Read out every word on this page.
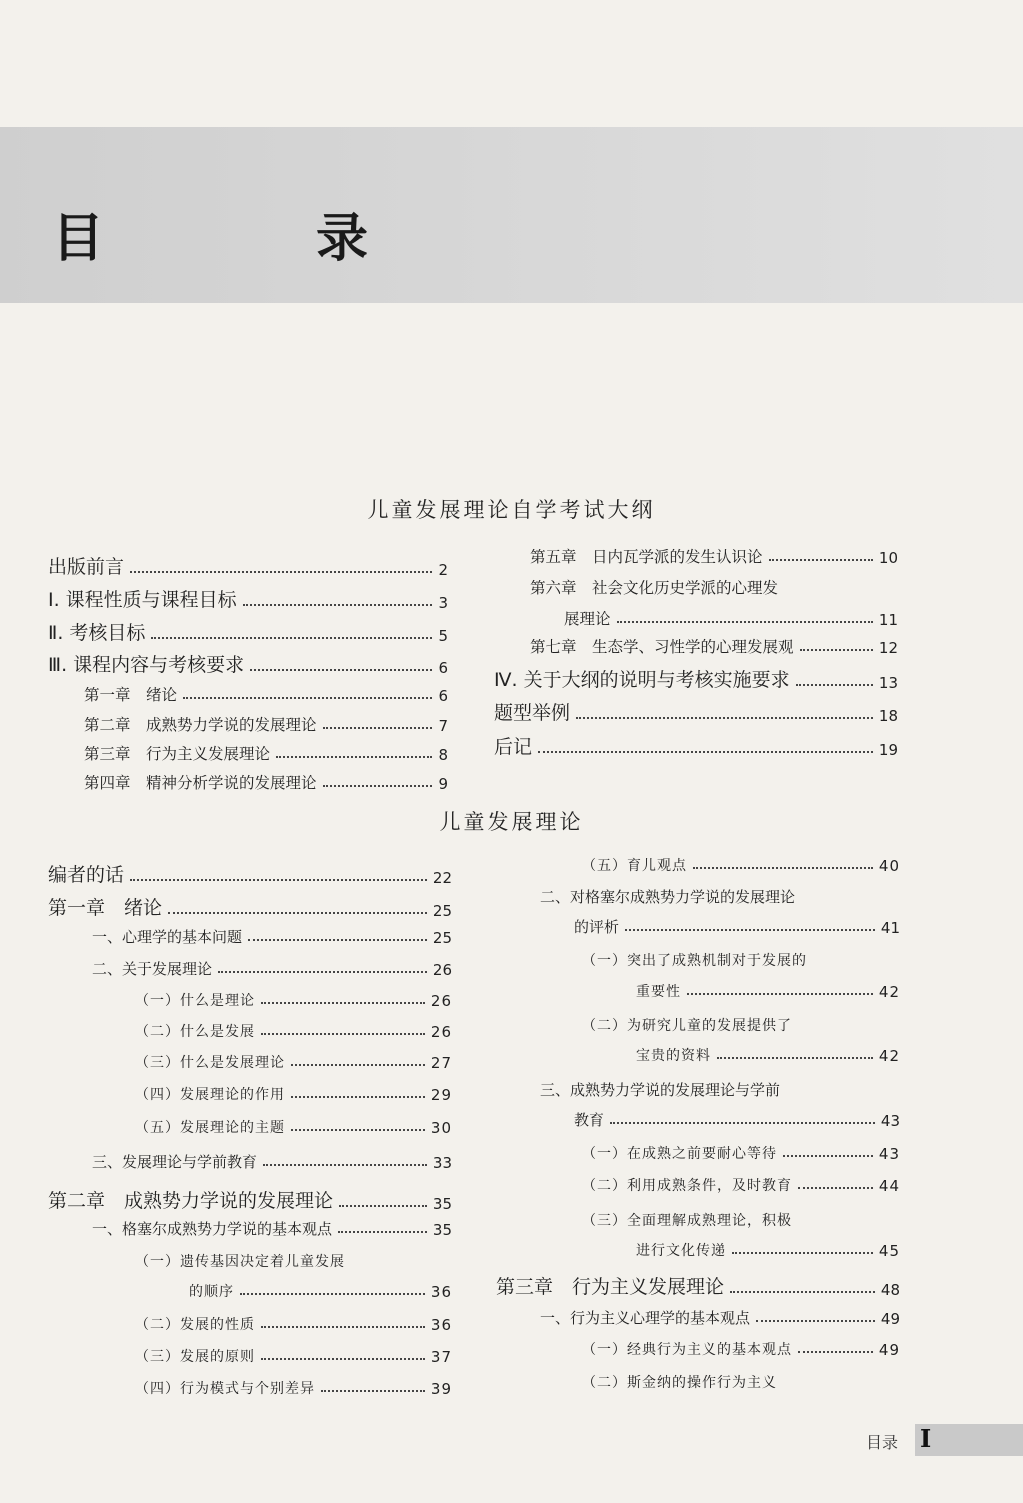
目　录
儿童发展理论自学考试大纲
儿童发展理论
出版前言	2
Ⅰ. 课程性质与课程目标	3
Ⅱ. 考核目标	5
Ⅲ. 课程内容与考核要求	6
第一章　绪论	6
第二章　成熟势力学说的发展理论	7
第三章　行为主义发展理论	8
第四章　精神分析学说的发展理论	9
第五章　日内瓦学派的发生认识论	10
第六章　社会文化历史学派的心理发
展理论	11
第七章　生态学、习性学的心理发展观	12
Ⅳ. 关于大纲的说明与考核实施要求	13
题型举例	18
后记	19
编者的话	22
第一章　绪论	25
一、心理学的基本问题	25
二、关于发展理论	26
（一）什么是理论	26
（二）什么是发展	26
（三）什么是发展理论	27
（四）发展理论的作用	29
（五）发展理论的主题	30
三、发展理论与学前教育	33
第二章　成熟势力学说的发展理论	35
一、格塞尔成熟势力学说的基本观点	35
（一）遗传基因决定着儿童发展
的顺序	36
（二）发展的性质	36
（三）发展的原则	37
（四）行为模式与个别差异	39
（五）育儿观点	40
二、对格塞尔成熟势力学说的发展理论
的评析	41
（一）突出了成熟机制对于发展的
重要性	42
（二）为研究儿童的发展提供了
宝贵的资料	42
三、成熟势力学说的发展理论与学前
教育	43
（一）在成熟之前要耐心等待	43
（二）利用成熟条件，及时教育	44
（三）全面理解成熟理论，积极
进行文化传递	45
第三章　行为主义发展理论	48
一、行为主义心理学的基本观点	49
（一）经典行为主义的基本观点	49
（二）斯金纳的操作行为主义
目录 I
